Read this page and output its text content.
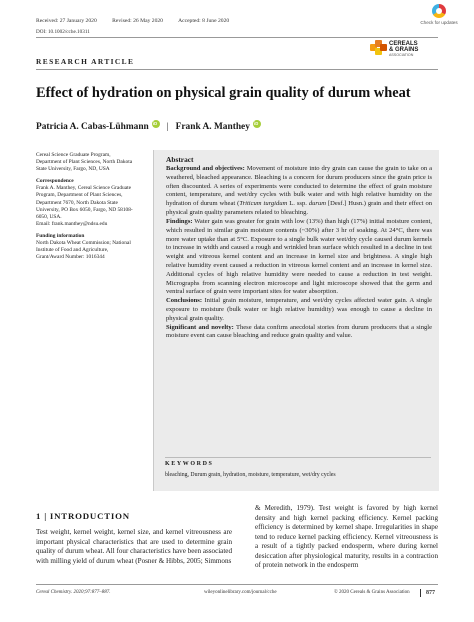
Received: 27 January 2020	Revised: 26 May 2020	Accepted: 8 June 2020
DOI: 10.1002/cche.10311
Check for updates
CEREALS
& GRAINS
ASSOCIATION
RESEARCH ARTICLE
Effect of hydration on physical grain quality of durum wheat
Patricia A. Cabas-LühmanniD | Frank A. MantheyiD

Cereal Science Graduate Program, Department of Plant Sciences, North Dakota State University, Fargo, ND, USA

Correspondence

Frank A. Manthey, Cereal Science Graduate Program, Department of Plant Sciences, Department 7670, North Dakota State University, PO Box 6050, Fargo, ND 58108-6050, USA.

Email: frank.manthey@ndsu.edu

Funding information

North Dakota Wheat Commission; National Institute of Food and Agriculture, Grant/Award Number: 1016344

Abstract

Background and objectives: Movement of moisture into dry grain can cause the grain to take on a weathered, bleached appearance. Bleaching is a concern for durum producers since the grain price is often discounted. A series of experiments were conducted to determine the effect of grain moisture content, temperature, and wet/dry cycles with bulk water and with high relative humidity on the hydration of durum wheat (Triticum turgidum L. ssp. durum [Desf.] Husn.) grain and their effect on physical grain quality parameters related to bleaching.

Findings: Water gain was greater for grain with low (13%) than high (17%) initial moisture content, which resulted in similar grain moisture contents (~30%) after 3 hr of soaking. At 24°C, there was more water uptake than at 5°C. Exposure to a single bulk water wet/dry cycle caused durum kernels to increase in width and caused a rough and wrinkled bran surface which resulted in a decline in test weight and vitreous kernel content and an increase in kernel size and brightness. A single high relative humidity event caused a reduction in vitreous kernel content and an increase in kernel size. Additional cycles of high relative humidity were needed to cause a reduction in test weight. Micrographs from scanning electron microscope and light microscope showed that the germ and ventral surface of grain were important sites for water absorption.

Conclusions: Initial grain moisture, temperature, and wet/dry cycles affected water gain. A single exposure to moisture (bulk water or high relative humidity) was enough to cause a decline in physical grain quality.

Significant and novelty: These data confirm anecdotal stories from durum producers that a single moisture event can cause bleaching and reduce grain quality and value.

KEYWORDS
bleaching, Durum grain, hydration, moisture, temperature, wet/dry cycles
1 | INTRODUCTION

Test weight, kernel weight, kernel size, and kernel vitreousness are important physical characteristics that are used to determine grain quality of durum wheat. All four characteristics have been associated with milling yield of durum wheat (Posner & Hibbs, 2005; Simmons

& Meredith, 1979). Test weight is favored by high kernel density and high kernel packing efficiency. Kernel packing efficiency is determined by kernel shape. Irregularities in shape tend to reduce kernel packing efficiency. Kernel vitreousness is a result of a tightly packed endosperm, where during kernel desiccation after physiological maturity, results in a contraction of protein network in the endosperm

Cereal Chemistry. 2020;97:877–887.	wileyonlinelibrary.com/journal/cche	© 2020 Cereals & Grains Association	877
